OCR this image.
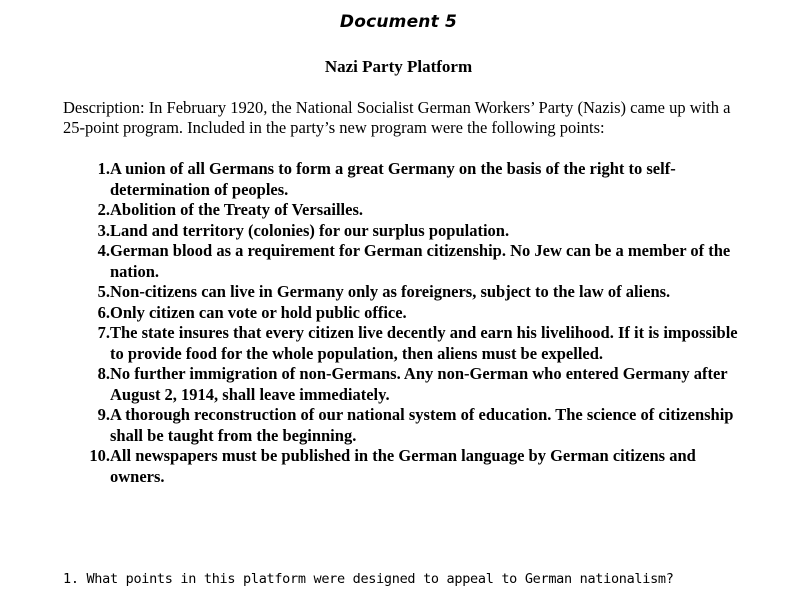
Document 5
Nazi Party Platform
Description: In February 1920, the National Socialist German Workers’ Party (Nazis) came up with a 25-point program. Included in the party’s new program were the following points:
1. A union of all Germans to form a great Germany on the basis of the right to self-determination of peoples.
2. Abolition of the Treaty of Versailles.
3. Land and territory (colonies) for our surplus population.
4. German blood as a requirement for German citizenship. No Jew can be a member of the nation.
5. Non-citizens can live in Germany only as foreigners, subject to the law of aliens.
6. Only citizen can vote or hold public office.
7. The state insures that every citizen live decently and earn his livelihood. If it is impossible to provide food for the whole population, then aliens must be expelled.
8. No further immigration of non-Germans. Any non-German who entered Germany after August 2, 1914, shall leave immediately.
9. A thorough reconstruction of our national system of education. The science of citizenship shall be taught from the beginning.
10. All newspapers must be published in the German language by German citizens and owners.
1. What points in this platform were designed to appeal to German nationalism?
